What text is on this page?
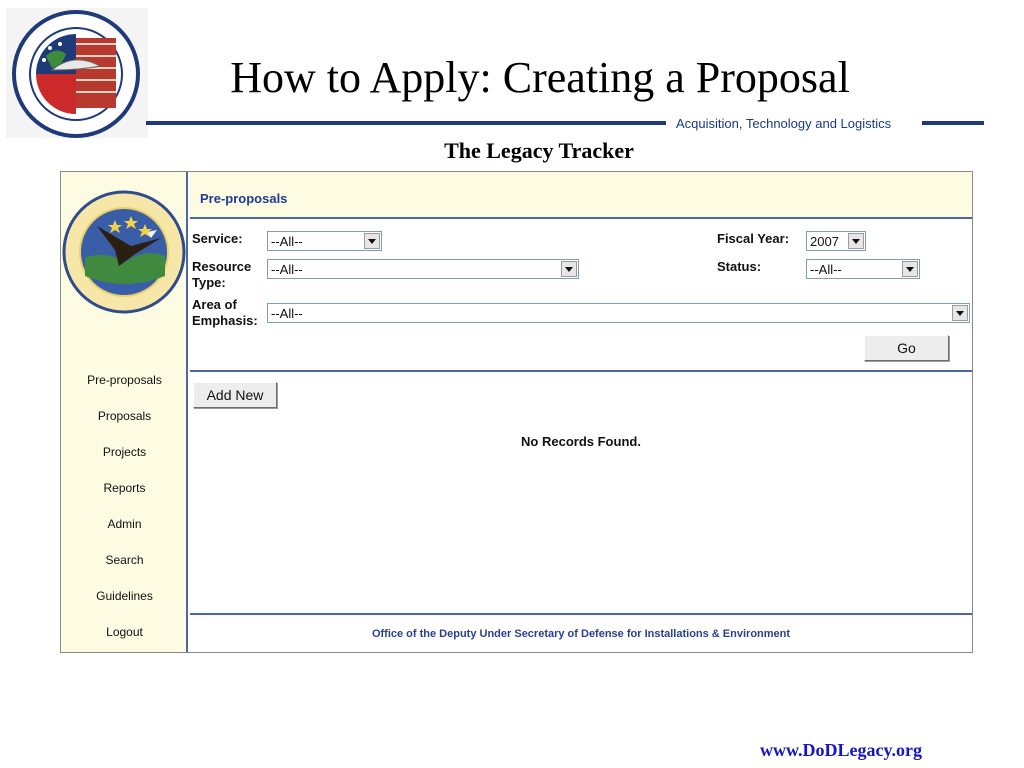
How to Apply: Creating a Proposal
Acquisition, Technology and Logistics
The Legacy Tracker
Pre-proposals
Proposals
Projects
Reports
Admin
Search
Guidelines
Logout
Pre-proposals
Service:	--All--	Fiscal Year:	2007
Resource
Type:
--All--	Status:	--All--
Area of
Emphasis:	--All--
Go
Add New
No Records Found.
Office of the Deputy Under Secretary of Defense for Installations & Environment
www.DoDLegacy.org
